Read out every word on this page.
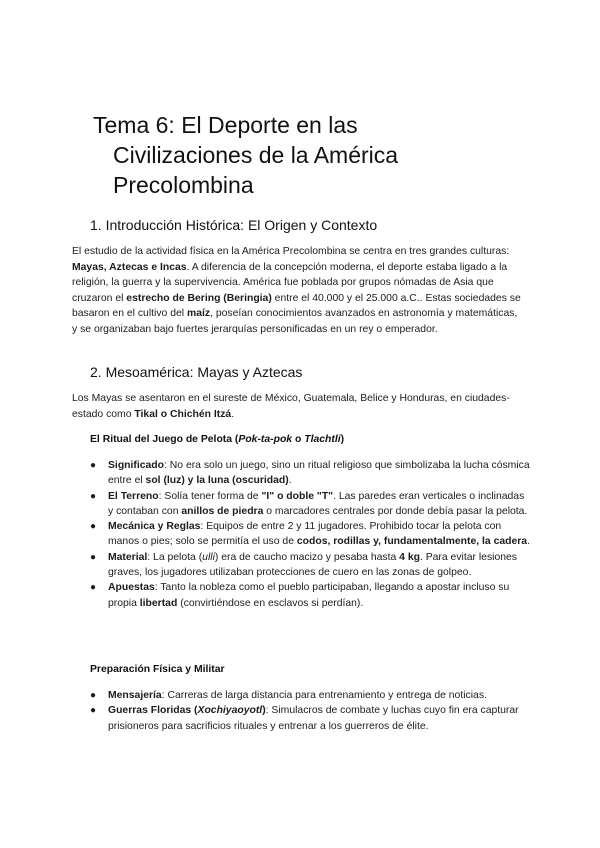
Tema 6: El Deporte en las
Civilizaciones de la América
Precolombina
1. Introducción Histórica: El Origen y Contexto

El estudio de la actividad física en la América Precolombina se centra en tres grandes culturas: Mayas, Aztecas e Incas. A diferencia de la concepción moderna, el deporte estaba ligado a la religión, la guerra y la supervivencia. América fue poblada por grupos nómadas de Asia que cruzaron el estrecho de Bering (Beringia) entre el 40.000 y el 25.000 a.C.. Estas sociedades se basaron en el cultivo del maíz, poseían conocimientos avanzados en astronomía y matemáticas, y se organizaban bajo fuertes jerarquías personificadas en un rey o emperador.

2. Mesoamérica: Mayas y Aztecas

Los Mayas se asentaron en el sureste de México, Guatemala, Belice y Honduras, en ciudades-estado como Tikal o Chichén Itzá.

El Ritual del Juego de Pelota (Pok-ta-pok o Tlachtli)
●	Significado: No era solo un juego, sino un ritual religioso que simbolizaba la lucha cósmica entre el sol (luz) y la luna (oscuridad).
●	El Terreno: Solía tener forma de "I" o doble "T". Las paredes eran verticales o inclinadas y contaban con anillos de piedra o marcadores centrales por donde debía pasar la pelota.
●	Mecánica y Reglas: Equipos de entre 2 y 11 jugadores. Prohibido tocar la pelota con manos o pies; solo se permitía el uso de codos, rodillas y, fundamentalmente, la cadera.
●	Material: La pelota (ulli) era de caucho macizo y pesaba hasta 4 kg. Para evitar lesiones graves, los jugadores utilizaban protecciones de cuero en las zonas de golpeo.
●	Apuestas: Tanto la nobleza como el pueblo participaban, llegando a apostar incluso su propia libertad (convirtiéndose en esclavos si perdían).
Preparación Física y Militar
●	Mensajería: Carreras de larga distancia para entrenamiento y entrega de noticias.
●	Guerras Floridas (Xochiyaoyotl): Simulacros de combate y luchas cuyo fin era capturar prisioneros para sacrificios rituales y entrenar a los guerreros de élite.
